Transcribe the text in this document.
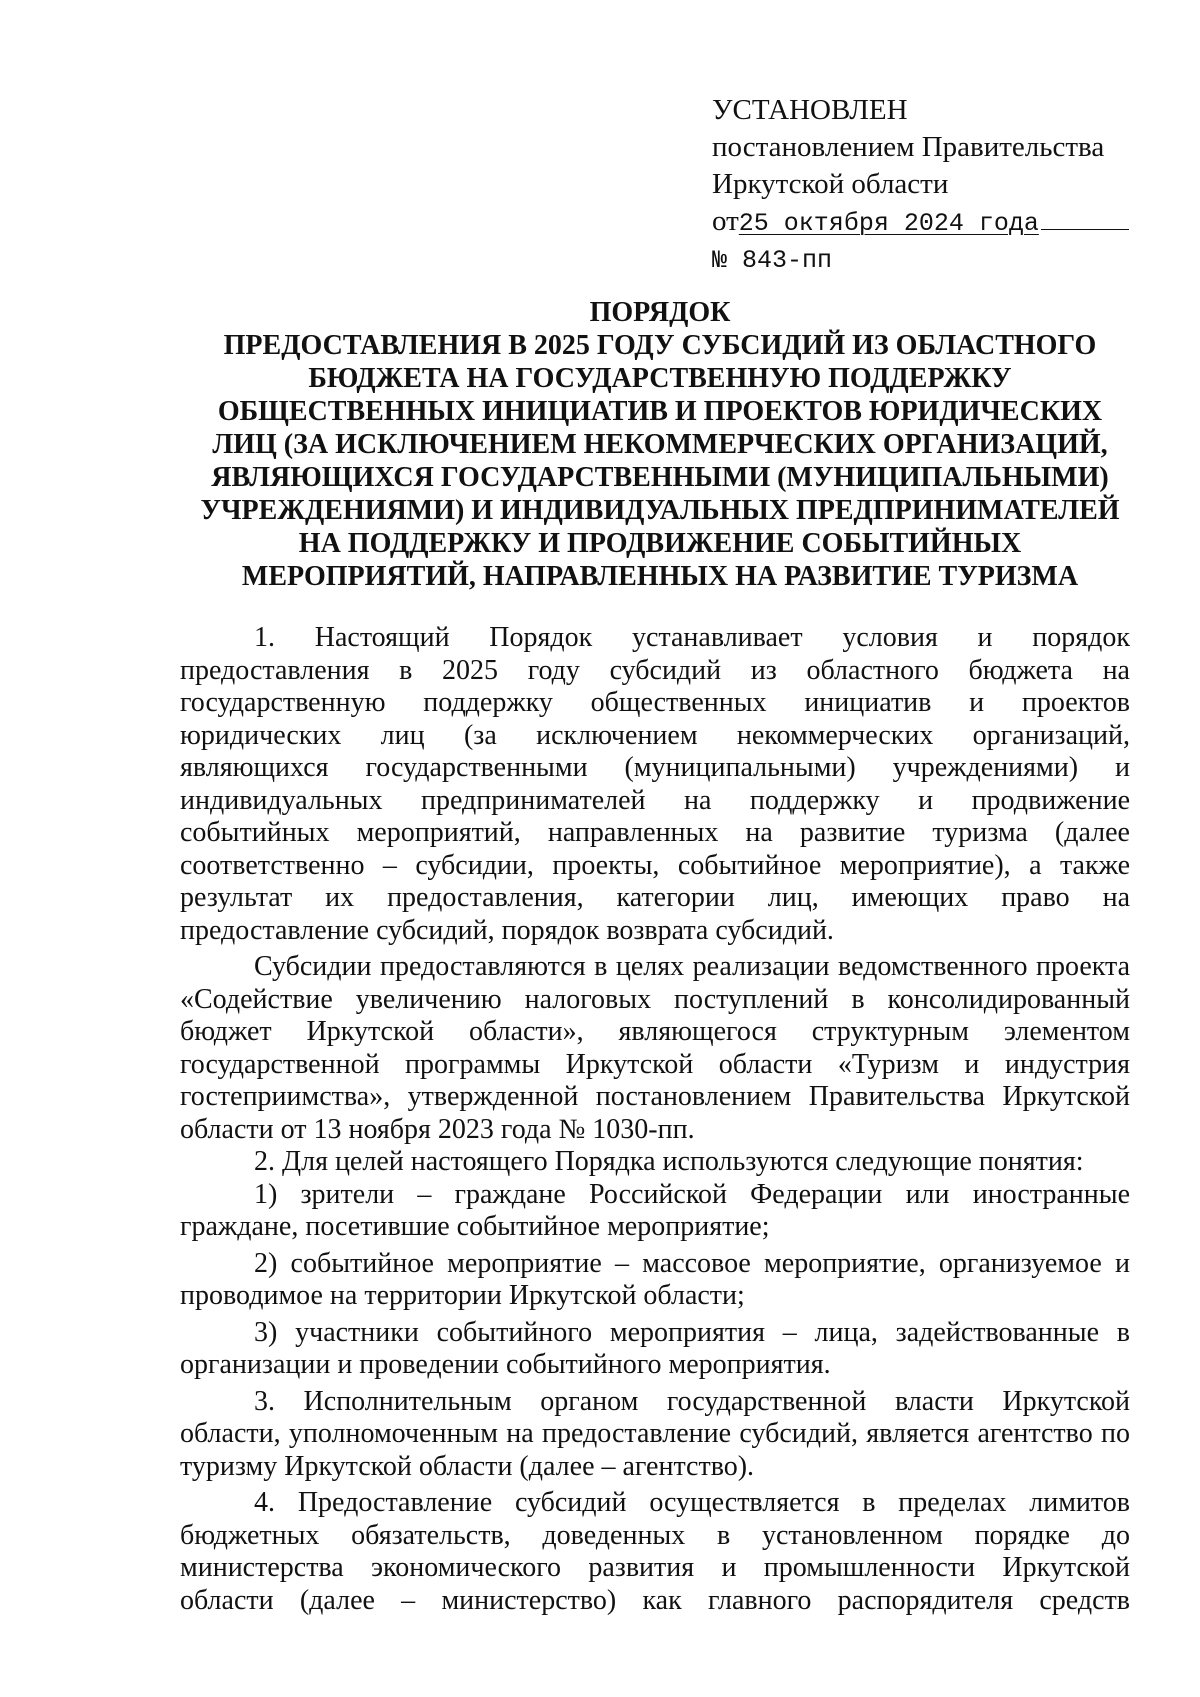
УСТАНОВЛЕН
постановлением Правительства
Иркутской области
от25 октября 2024 года
№ 843-пп
ПОРЯДОК
ПРЕДОСТАВЛЕНИЯ В 2025 ГОДУ СУБСИДИЙ ИЗ ОБЛАСТНОГО
БЮДЖЕТА НА ГОСУДАРСТВЕННУЮ ПОДДЕРЖКУ
ОБЩЕСТВЕННЫХ ИНИЦИАТИВ И ПРОЕКТОВ ЮРИДИЧЕСКИХ
ЛИЦ (ЗА ИСКЛЮЧЕНИЕМ НЕКОММЕРЧЕСКИХ ОРГАНИЗАЦИЙ,
ЯВЛЯЮЩИХСЯ ГОСУДАРСТВЕННЫМИ (МУНИЦИПАЛЬНЫМИ)
УЧРЕЖДЕНИЯМИ) И ИНДИВИДУАЛЬНЫХ ПРЕДПРИНИМАТЕЛЕЙ
НА ПОДДЕРЖКУ И ПРОДВИЖЕНИЕ СОБЫТИЙНЫХ
МЕРОПРИЯТИЙ, НАПРАВЛЕННЫХ НА РАЗВИТИЕ ТУРИЗМА
1. Настоящий Порядок устанавливает условия и порядок
предоставления в 2025 году субсидий из областного бюджета на
государственную поддержку общественных инициатив и проектов
юридических лиц (за исключением некоммерческих организаций,
являющихся государственными (муниципальными) учреждениями) и
индивидуальных предпринимателей на поддержку и продвижение
событийных мероприятий, направленных на развитие туризма (далее
соответственно – субсидии, проекты, событийное мероприятие), а также
результат их предоставления, категории лиц, имеющих право на
предоставление субсидий, порядок возврата субсидий.
Субсидии предоставляются в целях реализации ведомственного проекта
«Содействие увеличению налоговых поступлений в консолидированный
бюджет Иркутской области», являющегося структурным элементом
государственной программы Иркутской области «Туризм и индустрия
гостеприимства», утвержденной постановлением Правительства Иркутской
области от 13 ноября 2023 года № 1030-пп.
2. Для целей настоящего Порядка используются следующие понятия:
1) зрители – граждане Российской Федерации или иностранные
граждане, посетившие событийное мероприятие;
2) событийное мероприятие – массовое мероприятие, организуемое и
проводимое на территории Иркутской области;
3) участники событийного мероприятия – лица, задействованные в
организации и проведении событийного мероприятия.
3. Исполнительным органом государственной власти Иркутской
области, уполномоченным на предоставление субсидий, является агентство по
туризму Иркутской области (далее – агентство).
4. Предоставление субсидий осуществляется в пределах лимитов
бюджетных обязательств, доведенных в установленном порядке до
министерства экономического развития и промышленности Иркутской
области (далее – министерство) как главного распорядителя средств
